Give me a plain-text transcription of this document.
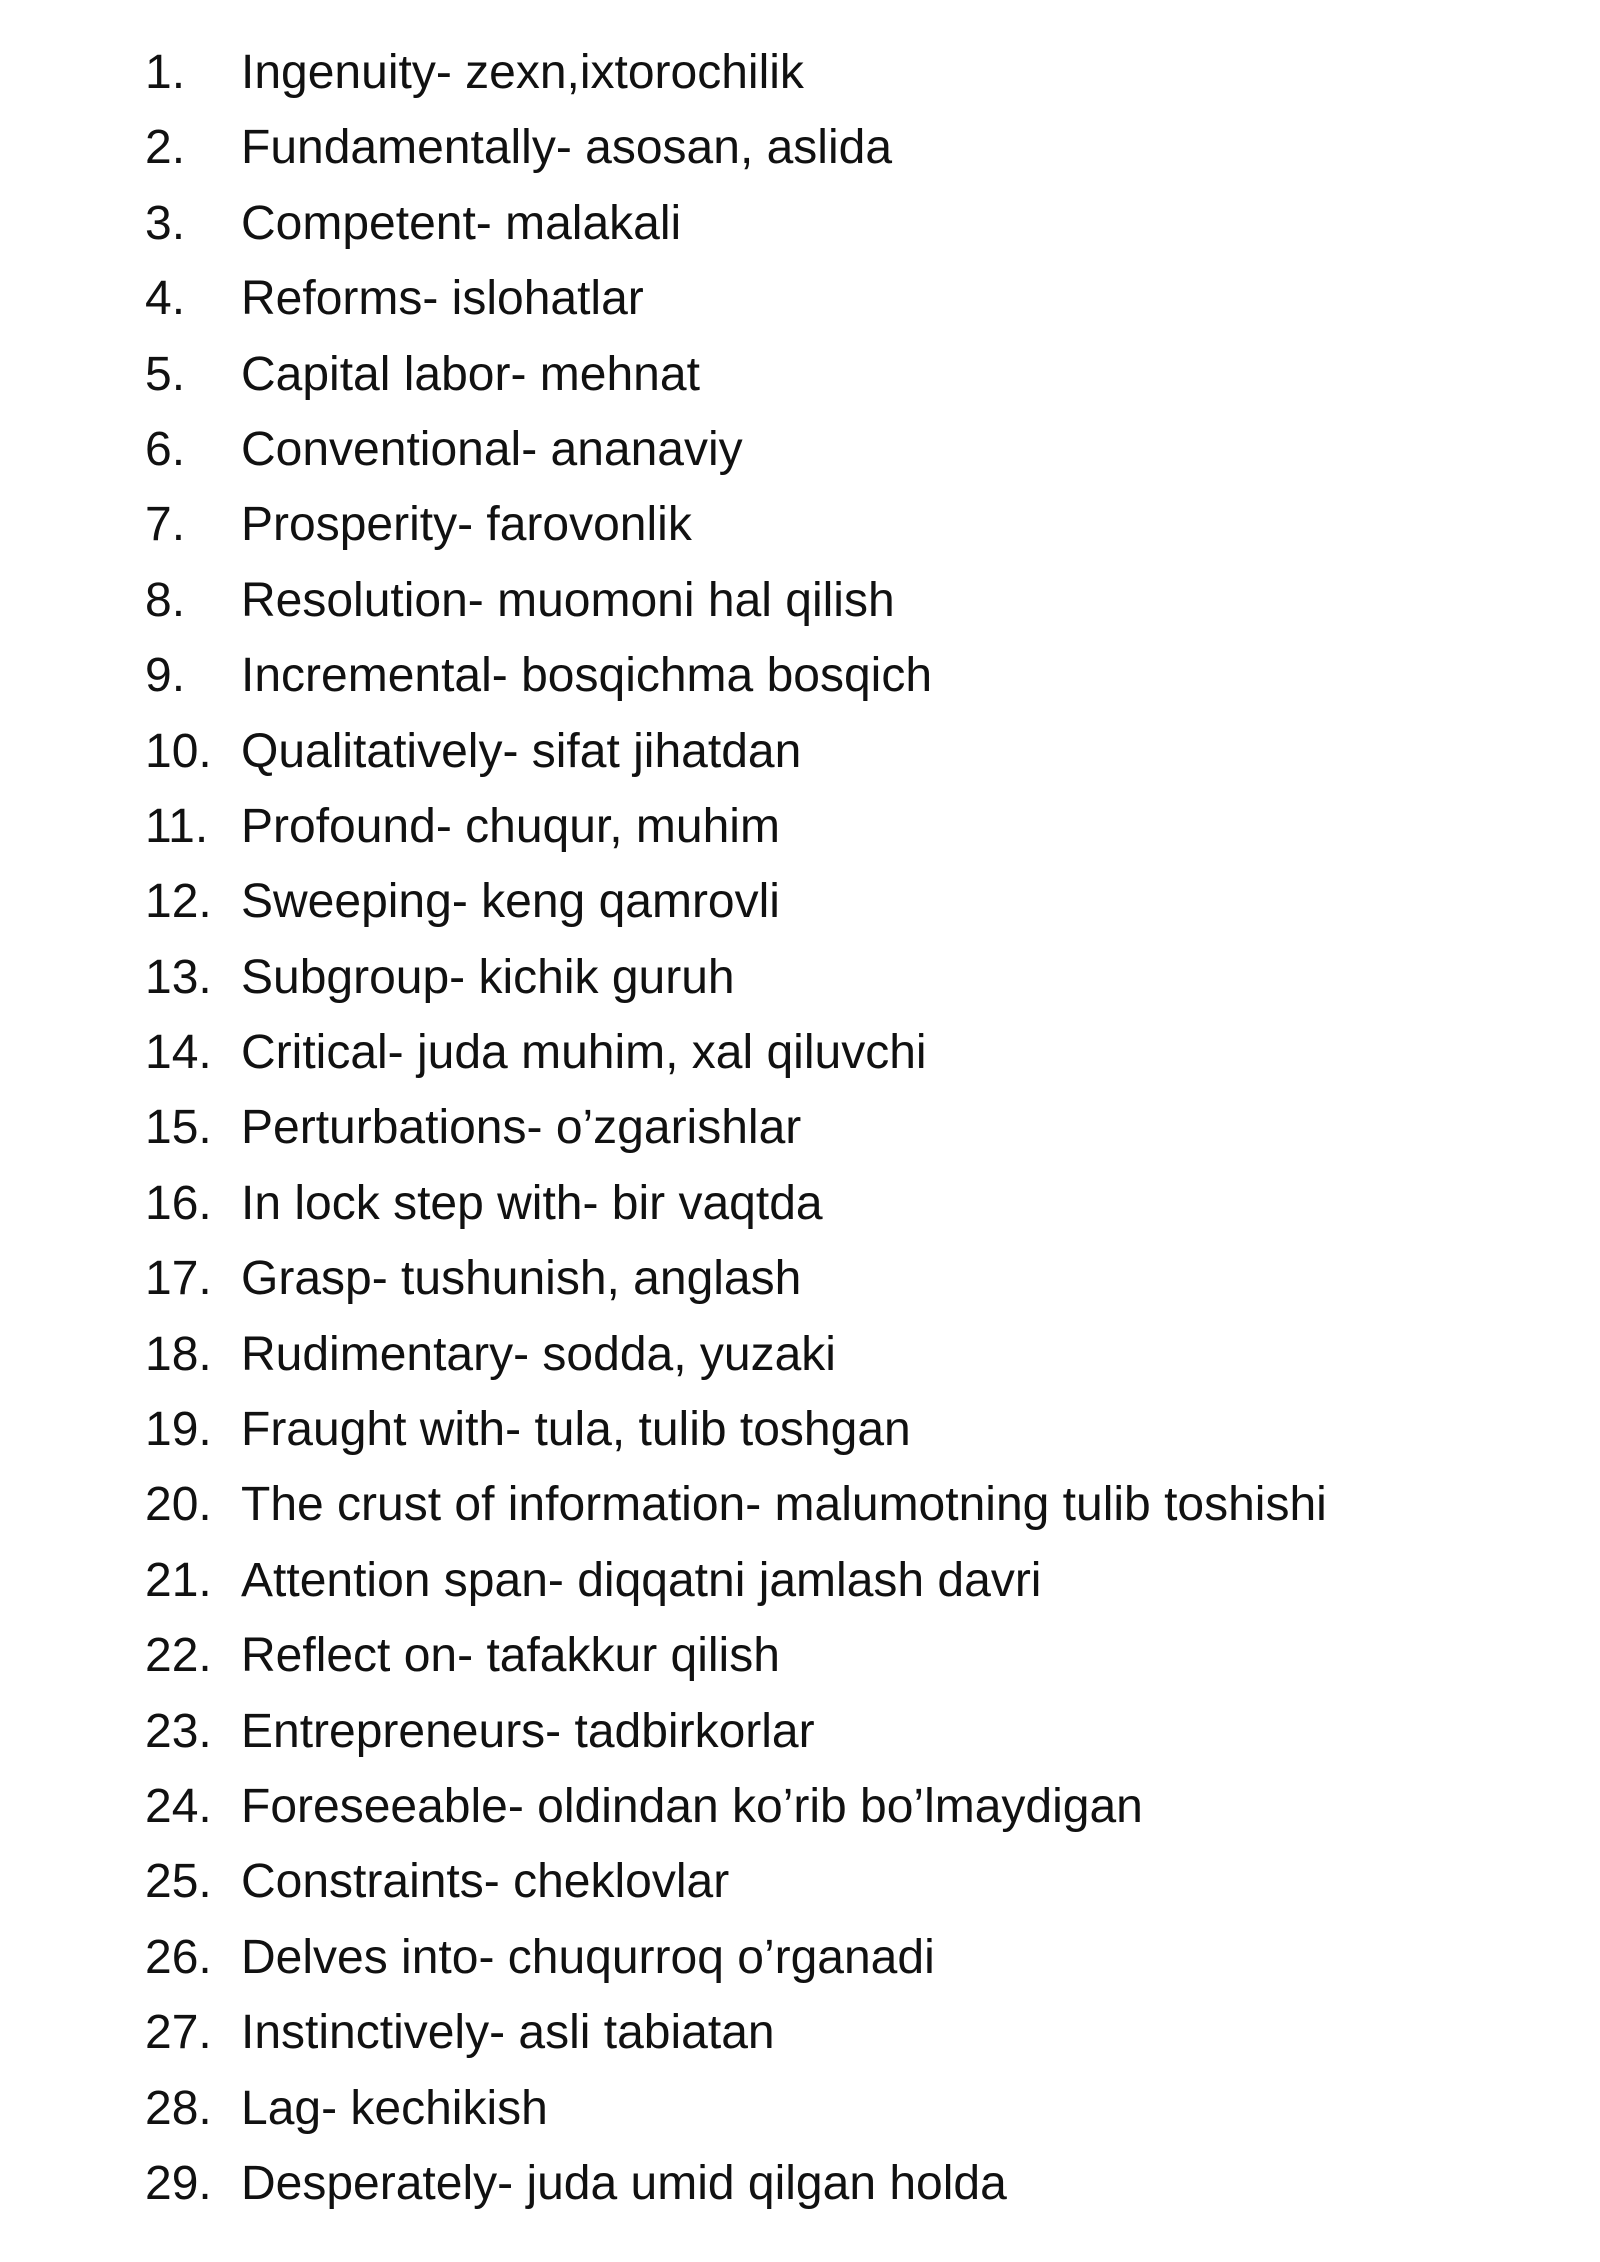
1.	Ingenuity- zexn,ixtorochilik
2.	Fundamentally- asosan, aslida
3.	Competent- malakali
4.	Reforms- islohatlar
5.	Capital labor- mehnat
6.	Conventional- ananaviy
7.	Prosperity- farovonlik
8.	Resolution- muomoni hal qilish
9.	Incremental- bosqichma bosqich
10. Qualitatively- sifat jihatdan
11. Profound- chuqur, muhim
12. Sweeping- keng qamrovli
13. Subgroup- kichik guruh
14. Critical- juda muhim, xal qiluvchi
15. Perturbations- o’zgarishlar
16. In lock step with- bir vaqtda
17. Grasp- tushunish, anglash
18. Rudimentary- sodda, yuzaki
19. Fraught with- tula, tulib toshgan
20. The crust of information- malumotning tulib toshishi
21. Attention span- diqqatni jamlash davri
22. Reflect on- tafakkur qilish
23. Entrepreneurs- tadbirkorlar
24. Foreseeable- oldindan ko’rib bo’lmaydigan
25. Constraints- cheklovlar
26. Delves into- chuqurroq o’rganadi
27. Instinctively- asli tabiatan
28. Lag- kechikish
29. Desperately- juda umid qilgan holda
